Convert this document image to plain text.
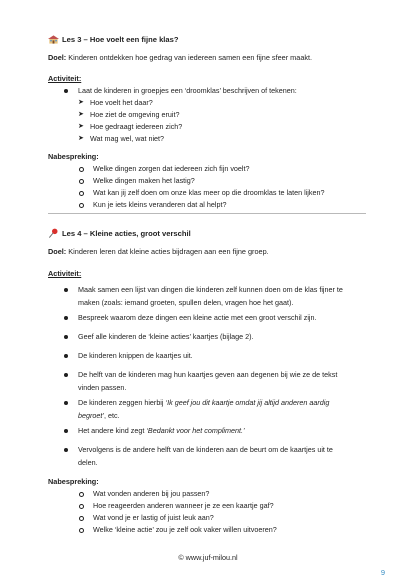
Les 3 – Hoe voelt een fijne klas?
Doel: Kinderen ontdekken hoe gedrag van iedereen samen een fijne sfeer maakt.
Activiteit:
Laat de kinderen in groepjes een ‘droomklas’ beschrijven of tekenen:
➤ Hoe voelt het daar?
➤ Hoe ziet de omgeving eruit?
➤ Hoe gedraagt iedereen zich?
➤ Wat mag wel, wat niet?
Nabespreking:
Welke dingen zorgen dat iedereen zich fijn voelt?
Welke dingen maken het lastig?
Wat kan jij zelf doen om onze klas meer op die droomklas te laten lijken?
Kun je iets kleins veranderen dat al helpt?
Les 4 – Kleine acties, groot verschil
Doel: Kinderen leren dat kleine acties bijdragen aan een fijne groep.
Activiteit:
Maak samen een lijst van dingen die kinderen zelf kunnen doen om de klas fijner te
maken (zoals: iemand groeten, spullen delen, vragen hoe het gaat).
Bespreek waarom deze dingen een kleine actie met een groot verschil zijn.
Geef alle kinderen de ‘kleine acties’ kaartjes (bijlage 2).
De kinderen knippen de kaartjes uit.
De helft van de kinderen mag hun kaartjes geven aan degenen bij wie ze de tekst
vinden passen.
De kinderen zeggen hierbij ‘Ik geef jou dit kaartje omdat jij altijd anderen aardig
begroet’, etc.
Het andere kind zegt ‘Bedankt voor het compliment.’
Vervolgens is de andere helft van de kinderen aan de beurt om de kaartjes uit te
delen.
Nabespreking:
Wat vonden anderen bij jou passen?
Hoe reageerden anderen wanneer je ze een kaartje gaf?
Wat vond je er lastig of juist leuk aan?
Welke ‘kleine actie’ zou je zelf ook vaker willen uitvoeren?
© www.juf-milou.nl
9
